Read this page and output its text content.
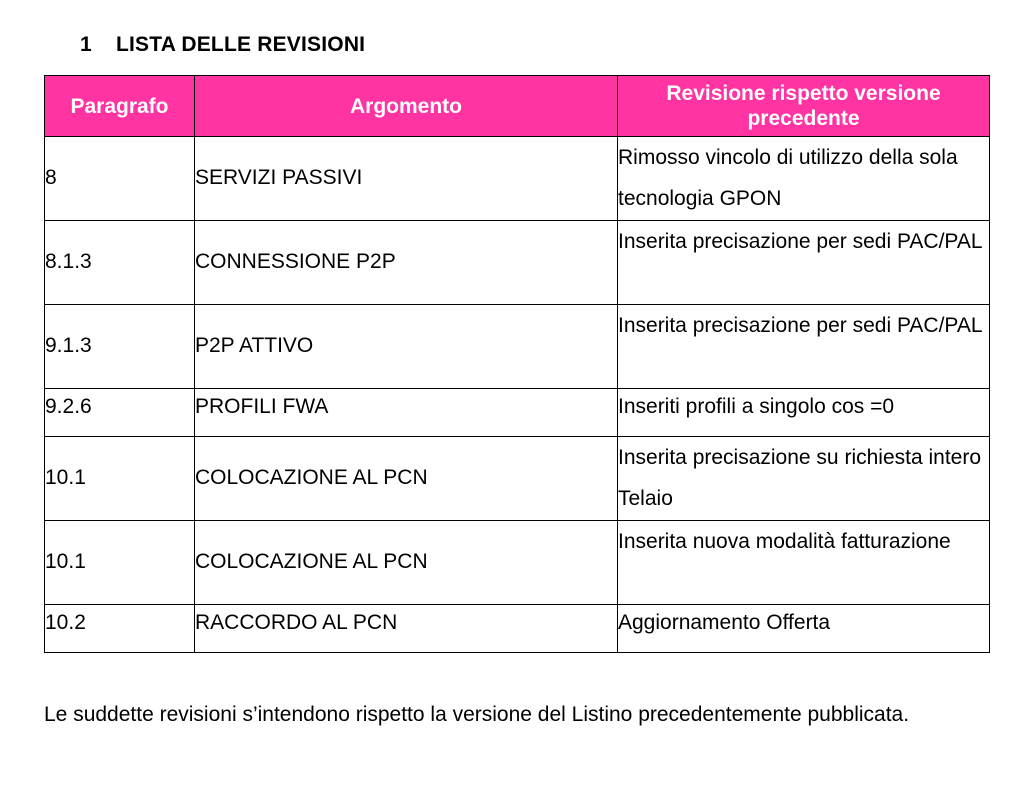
1 LISTA DELLE REVISIONI
Paragrafo	Argomento	Revisione rispetto versione precedente
8	SERVIZI PASSIVI	Rimosso vincolo di utilizzo della sola tecnologia GPON
8.1.3	CONNESSIONE P2P	Inserita precisazione per sedi PAC/PAL
9.1.3	P2P ATTIVO	Inserita precisazione per sedi PAC/PAL
9.2.6	PROFILI FWA	Inseriti profili a singolo cos =0
10.1	COLOCAZIONE AL PCN	Inserita precisazione su richiesta intero Telaio
10.1	COLOCAZIONE AL PCN	Inserita nuova modalità fatturazione
10.2	RACCORDO AL PCN	Aggiornamento Offerta
Le suddette revisioni s’intendono rispetto la versione del Listino precedentemente pubblicata.
